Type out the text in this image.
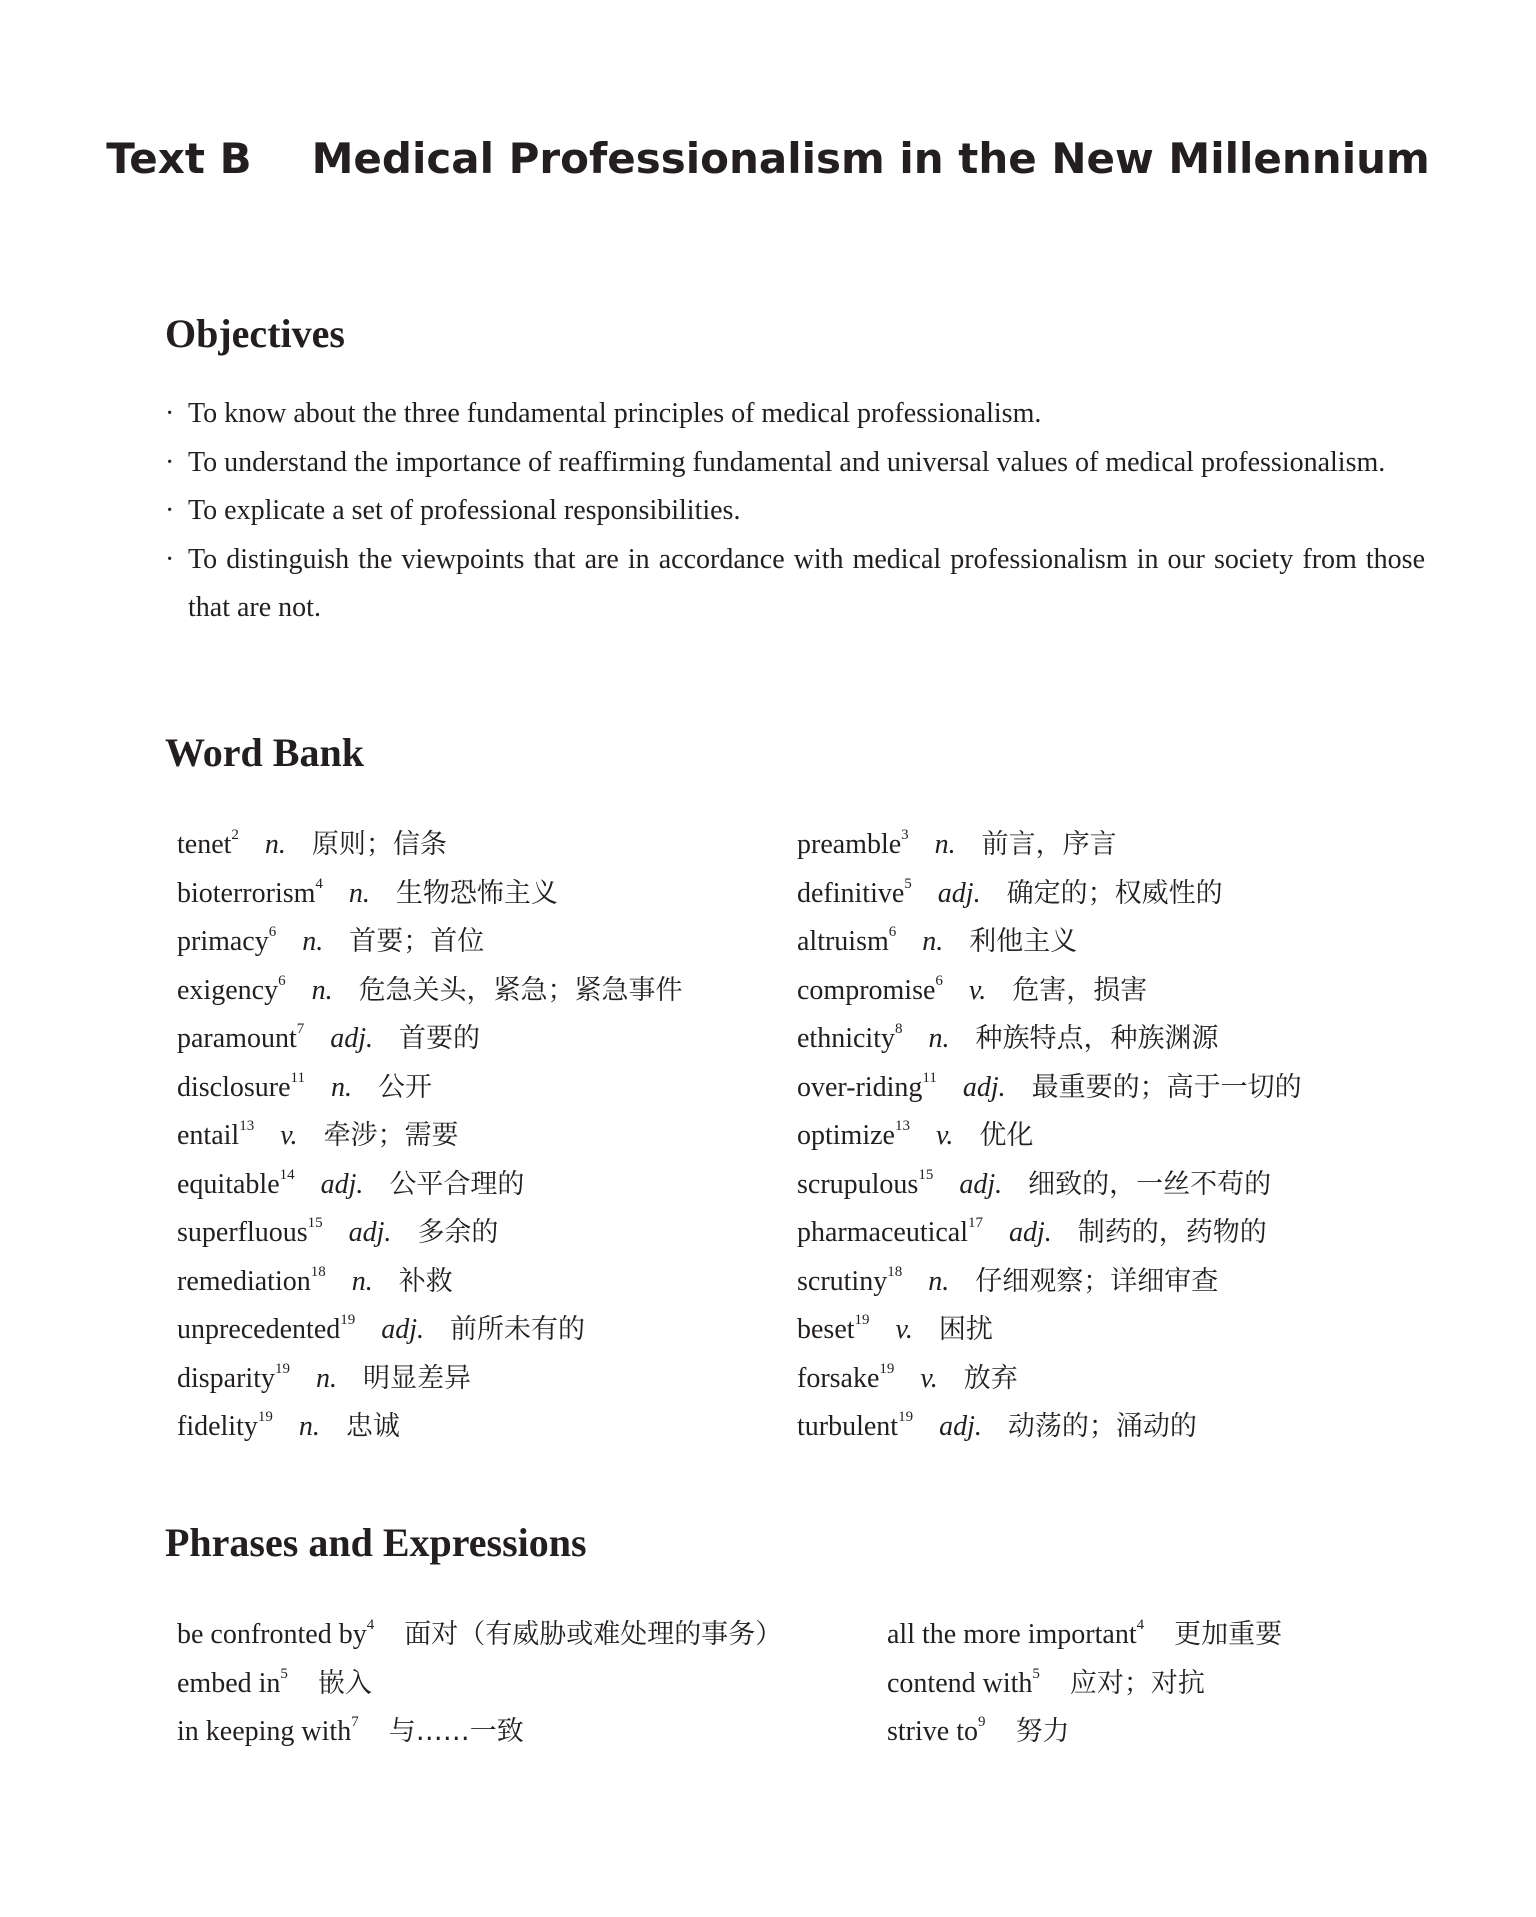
Text B Medical Professionalism in the New Millennium
Objectives
· To know about the three fundamental principles of medical professionalism.
· To understand the importance of reaffirming fundamental and universal values of medical professionalism.
· To explicate a set of professional responsibilities.
· To distinguish the viewpoints that are in accordance with medical professionalism in our society from those that are not.
Word Bank
tenet$^2$ n. 原则；信条	preamble$^3$ n. 前言，序言
bioterrorism$^4$ n. 生物恐怖主义	definitive$^5$ adj. 确定的；权威性的
primacy$^6$ n. 首要；首位	altruism$^6$ n. 利他主义
exigency$^6$ n. 危急关头，紧急；紧急事件	compromise$^6$ v. 危害，损害
paramount$^7$ adj. 首要的	ethnicity$^8$ n. 种族特点，种族渊源
disclosure$^{11}$ n. 公开	over-riding$^{11}$ adj. 最重要的；高于一切的
entail$^{13}$ v. 牵涉；需要	optimize$^{13}$ v. 优化
equitable$^{14}$ adj. 公平合理的	scrupulous$^{15}$ adj. 细致的，一丝不苟的
superfluous$^{15}$ adj. 多余的	pharmaceutical$^{17}$ adj. 制药的，药物的
remediation$^{18}$ n. 补救	scrutiny$^{18}$ n. 仔细观察；详细审查
unprecedented$^{19}$ adj. 前所未有的	beset$^{19}$ v. 困扰
disparity$^{19}$ n. 明显差异	forsake$^{19}$ v. 放弃
fidelity$^{19}$ n. 忠诚	turbulent$^{19}$ adj. 动荡的；涌动的
Phrases and Expressions
be confronted $by^4$ 面对（有威胁或难处理的事务）	all the more important$^4$ 更加重要
embed $in^5$ 嵌入	contend with$^5$ 应对；对抗
in keeping with$^7$ 与……一致	strive $to^9$ 努力
